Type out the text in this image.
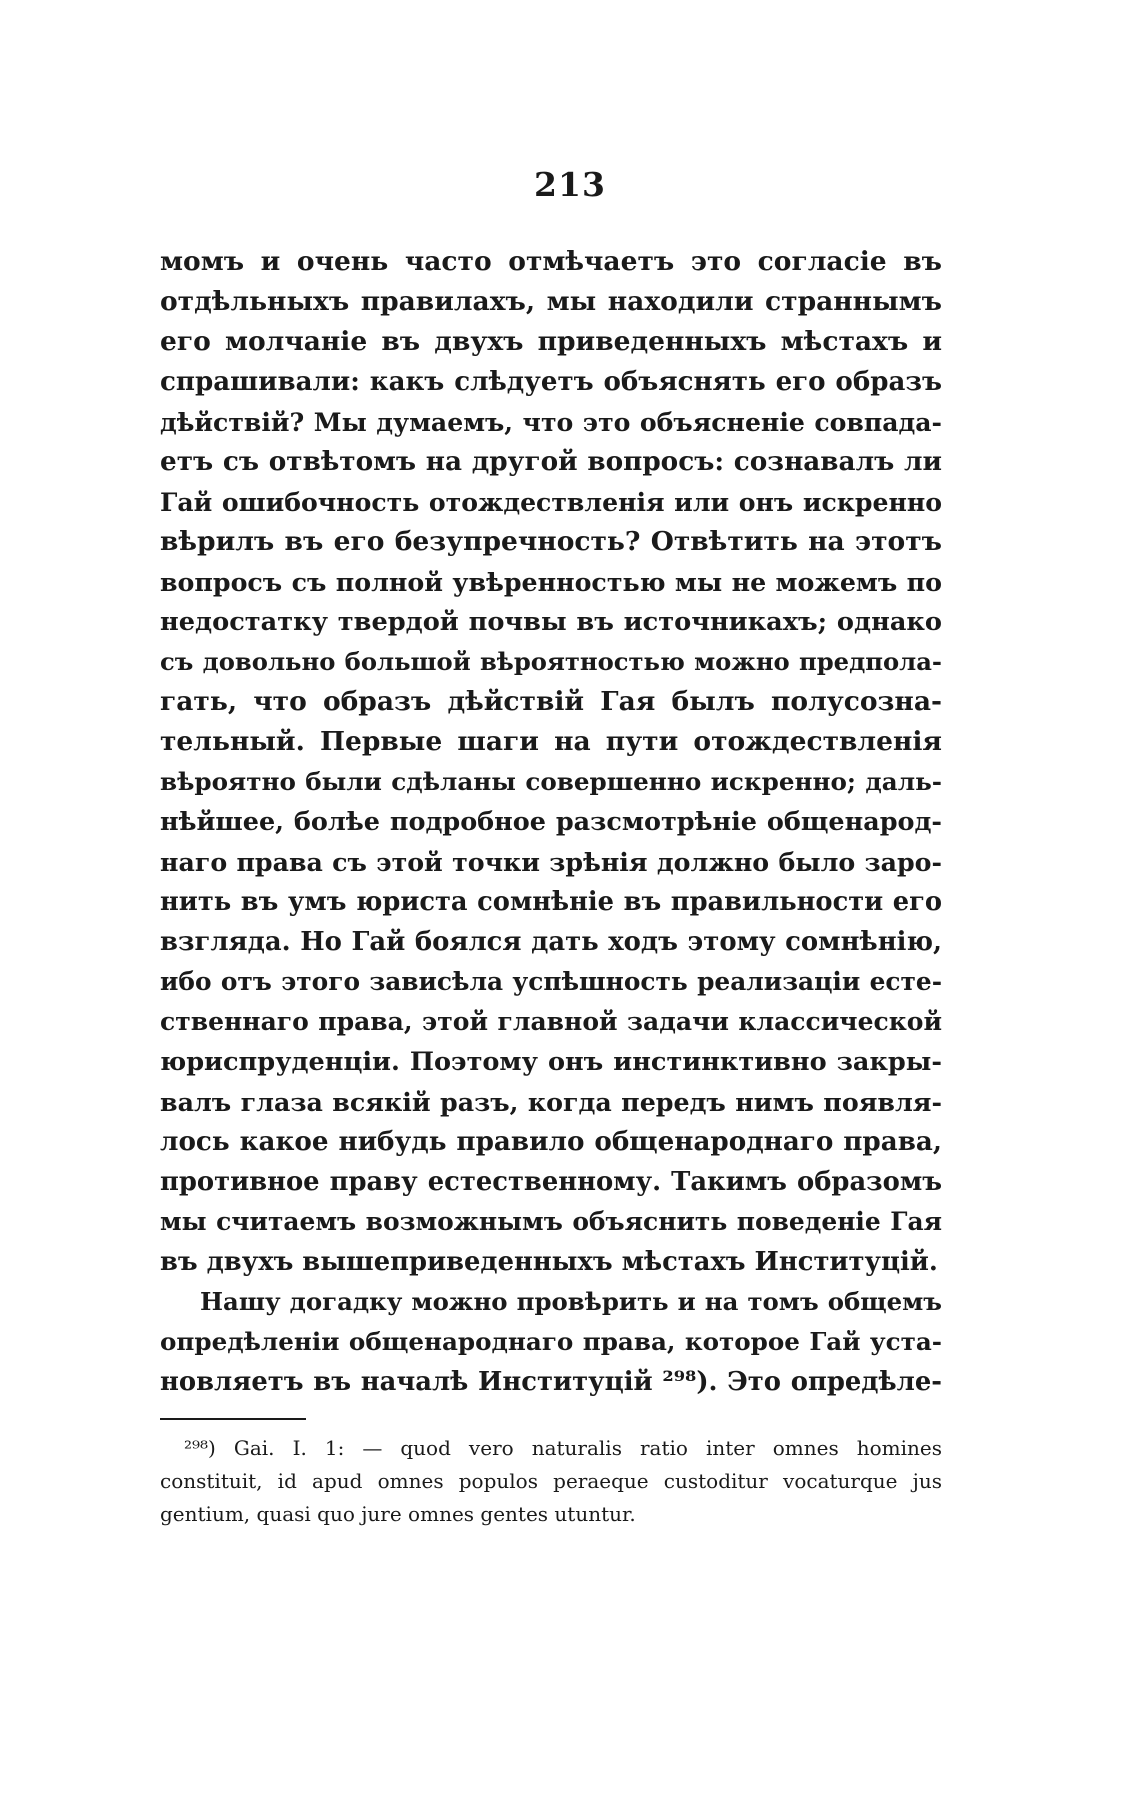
213
момъ и очень часто отмѣчаетъ это согласіе въ
отдѣльныхъ правилахъ, мы находили страннымъ
его молчаніе въ двухъ приведенныхъ мѣстахъ и
спрашивали: какъ слѣдуетъ объяснять его образъ
дѣйствій? Мы думаемъ, что это объясненіе совпада-
етъ съ отвѣтомъ на другой вопросъ: сознавалъ ли
Гай ошибочность отождествленія или онъ искренно
вѣрилъ въ его безупречность? Отвѣтить на этотъ
вопросъ съ полной увѣренностью мы не можемъ по
недостатку твердой почвы въ источникахъ; однако
съ довольно большой вѣроятностью можно предпола-
гать, что образъ дѣйствій Гая былъ полусозна-
тельный. Первые шаги на пути отождествленія
вѣроятно были сдѣланы совершенно искренно; даль-
нѣйшее, болѣе подробное разсмотрѣніе общенарод-
наго права съ этой точки зрѣнія должно было заро-
нить въ умъ юриста сомнѣніе въ правильности его
взгляда. Но Гай боялся дать ходъ этому сомнѣнію,
ибо отъ этого зависѣла успѣшность реализаціи есте-
ственнаго права, этой главной задачи классической
юриспруденціи. Поэтому онъ инстинктивно закры-
валъ глаза всякій разъ, когда передъ нимъ появля-
лось какое нибудь правило общенароднаго права,
противное праву естественному. Такимъ образомъ
мы считаемъ возможнымъ объяснить поведеніе Гая
въ двухъ вышеприведенныхъ мѣстахъ Институцій.
Нашу догадку можно провѣрить и на томъ общемъ
опредѣленіи общенароднаго права, которое Гай уста-
новляетъ въ началѣ Институцій ²⁹⁸). Это опредѣле-
²⁹⁸) Gai. I. 1: — quod vero naturalis ratio inter omnes homines
constituit, id apud omnes populos peraeque custoditur vocaturque jus
gentium, quasi quo jure omnes gentes utuntur.
